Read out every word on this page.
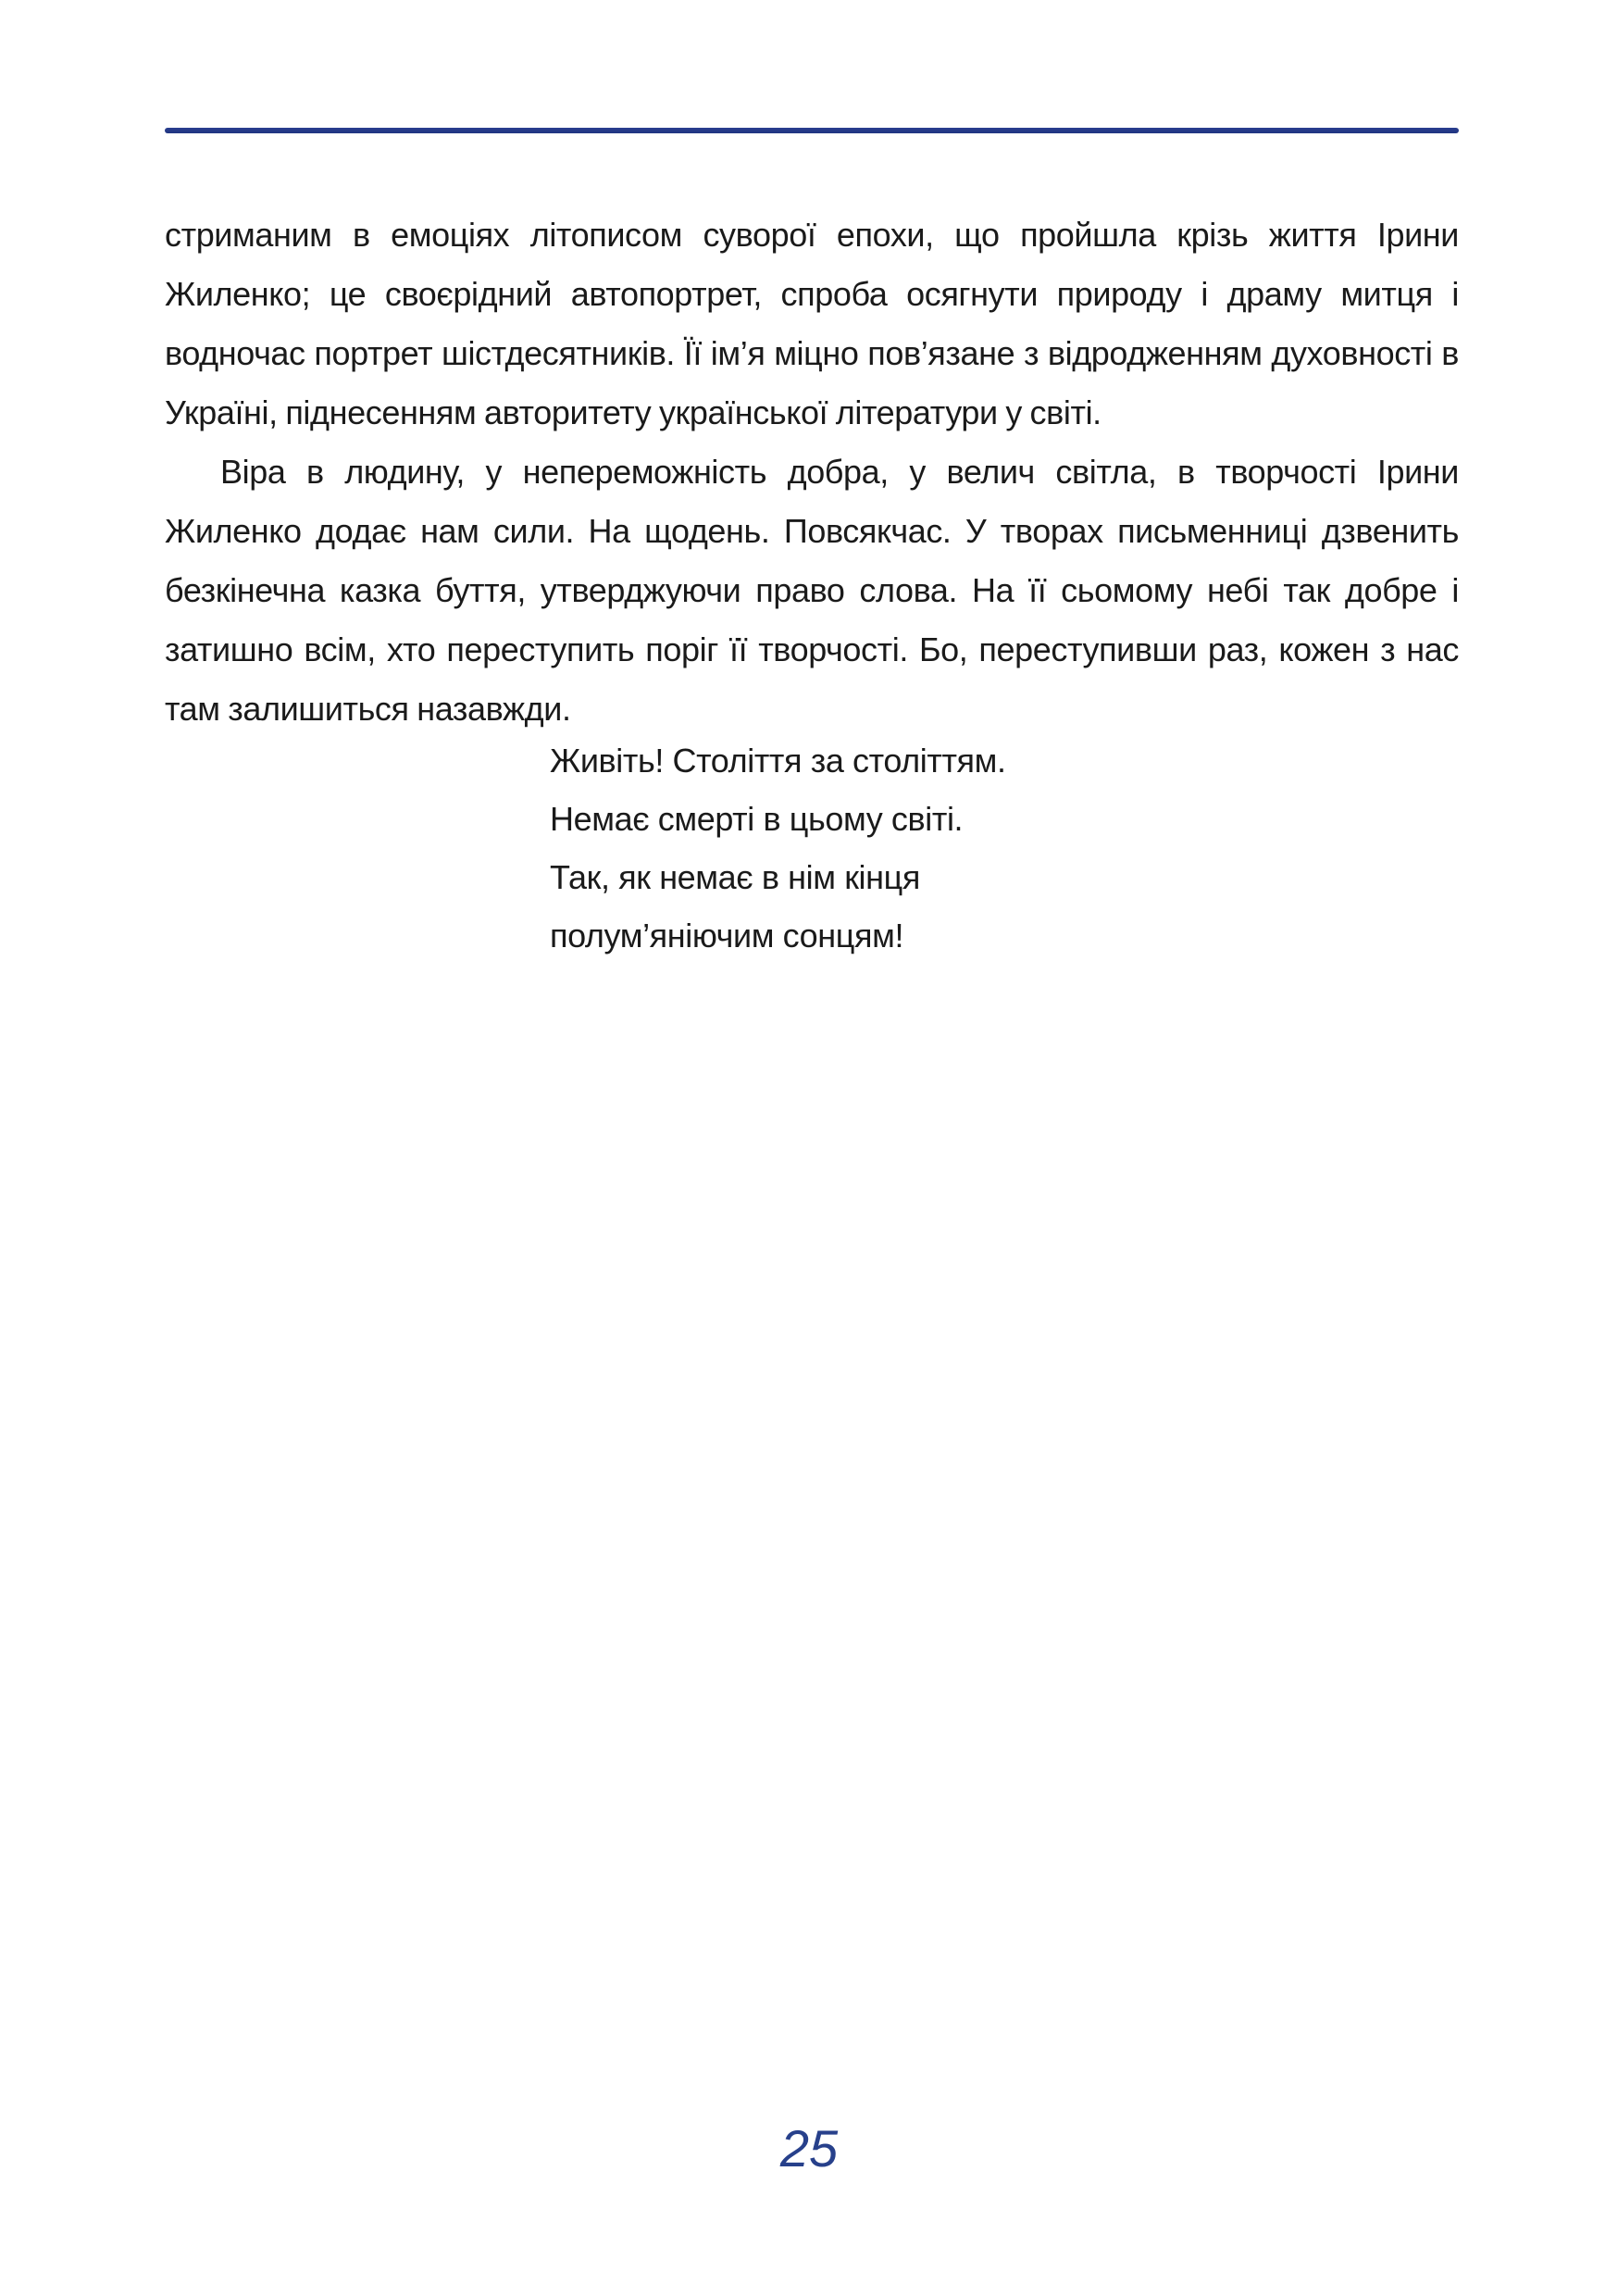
стриманим в емоціях літописом суворої епохи, що пройшла крізь життя Ірини Жиленко; це своєрідний автопортрет, спроба осягнути природу і драму митця і водночас портрет шістдесятників. Її ім’я міцно пов’язане з відродженням духовності в Україні, піднесенням авторитету української літератури у світі.

Віра в людину, у непереможність добра, у велич світла, в творчості Ірини Жиленко додає нам сили. На щодень. Повсякчас. У творах письменниці дзвенить безкінечна казка буття, утверджуючи право слова. На її сьомому небі так добре і затишно всім, хто переступить поріг її творчості. Бо, переступивши раз, кожен з нас там залишиться назавжди.

Живіть! Століття за століттям.
Немає смерті в цьому світі.
Так, як немає в нім кінця
полум’яніючим сонцям!
25
